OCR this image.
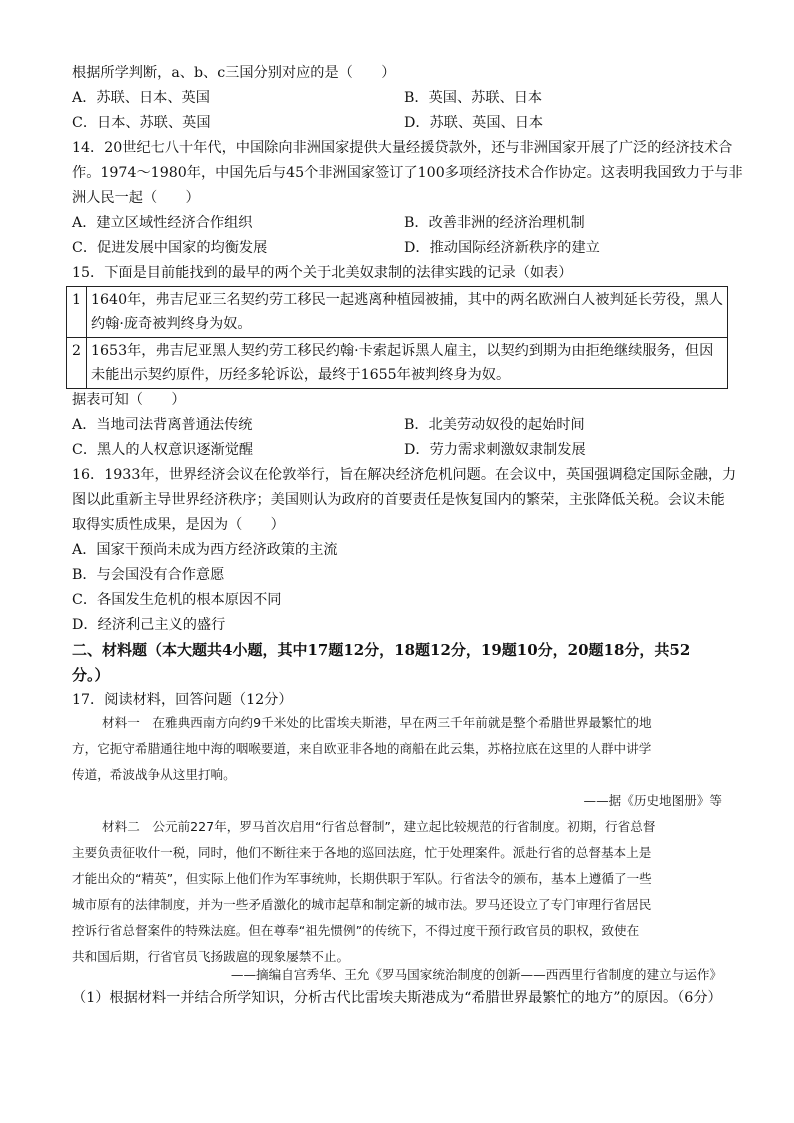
根据所学判断，a、b、c三国分别对应的是（　　）
A．苏联、日本、英国	B．英国、苏联、日本
C．日本、苏联、英国	D．苏联、英国、日本
14．20世纪七八十年代，中国除向非洲国家提供大量经援贷款外，还与非洲国家开展了广泛的经济技术合
作。1974～1980年，中国先后与45个非洲国家签订了100多项经济技术合作协定。这表明我国致力于与非
洲人民一起（　　）
A．建立区域性经济合作组织	B．改善非洲的经济治理机制
C．促进发展中国家的均衡发展	D．推动国际经济新秩序的建立
15．下面是目前能找到的最早的两个关于北美奴隶制的法律实践的记录（如表）
1	1640年，弗吉尼亚三名契约劳工移民一起逃离种植园被捕，其中的两名欧洲白人被判延长劳役，黑人约翰·庞奇被判终身为奴。
2	1653年，弗吉尼亚黑人契约劳工移民约翰·卡索起诉黑人雇主，以契约到期为由拒绝继续服务，但因未能出示契约原件，历经多轮诉讼，最终于1655年被判终身为奴。
据表可知（　　）
A．当地司法背离普通法传统	B．北美劳动奴役的起始时间
C．黑人的人权意识逐渐觉醒	D．劳力需求刺激奴隶制发展
16．1933年，世界经济会议在伦敦举行，旨在解决经济危机问题。在会议中，英国强调稳定国际金融，力
图以此重新主导世界经济秩序；美国则认为政府的首要责任是恢复国内的繁荣，主张降低关税。会议未能
取得实质性成果，是因为（　　）
A．国家干预尚未成为西方经济政策的主流
B．与会国没有合作意愿
C．各国发生危机的根本原因不同
D．经济利己主义的盛行
二、材料题（本大题共4小题，其中17题12分，18题12分，19题10分，20题18分，共52
分。）
17．阅读材料，回答问题（12分）
材料一　在雅典西南方向约9千米处的比雷埃夫斯港，早在两三千年前就是整个希腊世界最繁忙的地
方，它扼守希腊通往地中海的咽喉要道，来自欧亚非各地的商船在此云集，苏格拉底在这里的人群中讲学
传道，希波战争从这里打响。
——据《历史地图册》等
材料二　公元前227年，罗马首次启用“行省总督制”，建立起比较规范的行省制度。初期，行省总督
主要负责征收什一税，同时，他们不断往来于各地的巡回法庭，忙于处理案件。派赴行省的总督基本上是
才能出众的“精英”，但实际上他们作为军事统帅，长期供职于军队。行省法令的颁布，基本上遵循了一些
城市原有的法律制度，并为一些矛盾激化的城市起草和制定新的城市法。罗马还设立了专门审理行省居民
控诉行省总督案件的特殊法庭。但在尊奉“祖先惯例”的传统下，不得过度干预行政官员的职权，致使在
共和国后期，行省官员飞扬跋扈的现象屡禁不止。
——摘编自宫秀华、王允《罗马国家统治制度的创新——西西里行省制度的建立与运作》
（1）根据材料一并结合所学知识，分析古代比雷埃夫斯港成为“希腊世界最繁忙的地方”的原因。（6分）
